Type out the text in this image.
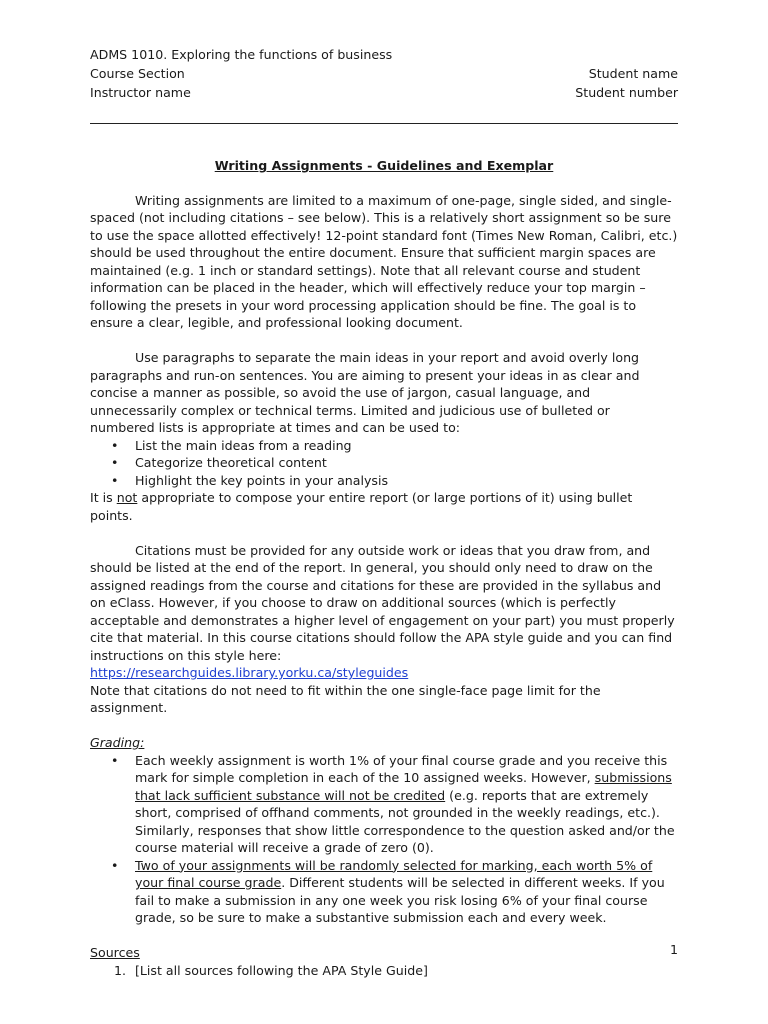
ADMS 1010. Exploring the functions of business
Course Section	Student name
Instructor name	Student number
Writing Assignments - Guidelines and Exemplar

Writing assignments are limited to a maximum of one-page, single sided, and single-spaced (not including citations – see below). This is a relatively short assignment so be sure to use the space allotted effectively! 12-point standard font (Times New Roman, Calibri, etc.) should be used throughout the entire document. Ensure that sufficient margin spaces are maintained (e.g. 1 inch or standard settings). Note that all relevant course and student information can be placed in the header, which will effectively reduce your top margin – following the presets in your word processing application should be fine. The goal is to ensure a clear, legible, and professional looking document.

Use paragraphs to separate the main ideas in your report and avoid overly long paragraphs and run-on sentences. You are aiming to present your ideas in as clear and concise a manner as possible, so avoid the use of jargon, casual language, and unnecessarily complex or technical terms. Limited and judicious use of bulleted or numbered lists is appropriate at times and can be used to:

• List the main ideas from a reading
• Categorize theoretical content
• Highlight the key points in your analysis

It is not appropriate to compose your entire report (or large portions of it) using bullet points.

Citations must be provided for any outside work or ideas that you draw from, and should be listed at the end of the report. In general, you should only need to draw on the assigned readings from the course and citations for these are provided in the syllabus and on eClass. However, if you choose to draw on additional sources (which is perfectly acceptable and demonstrates a higher level of engagement on your part) you must properly cite that material. In this course citations should follow the APA style guide and you can find instructions on this style here:

https://researchguides.library.yorku.ca/styleguides

Note that citations do not need to fit within the one single-face page limit for the assignment.

Grading:

• Each weekly assignment is worth 1% of your final course grade and you receive this mark for simple completion in each of the 10 assigned weeks. However, submissions that lack sufficient substance will not be credited (e.g. reports that are extremely short, comprised of offhand comments, not grounded in the weekly readings, etc.). Similarly, responses that show little correspondence to the question asked and/or the course material will receive a grade of zero (0).
• Two of your assignments will be randomly selected for marking, each worth 5% of your final course grade. Different students will be selected in different weeks. If you fail to make a submission in any one week you risk losing 6% of your final course grade, so be sure to make a substantive submission each and every week.

Sources

1. [List all sources following the APA Style Guide]
1
